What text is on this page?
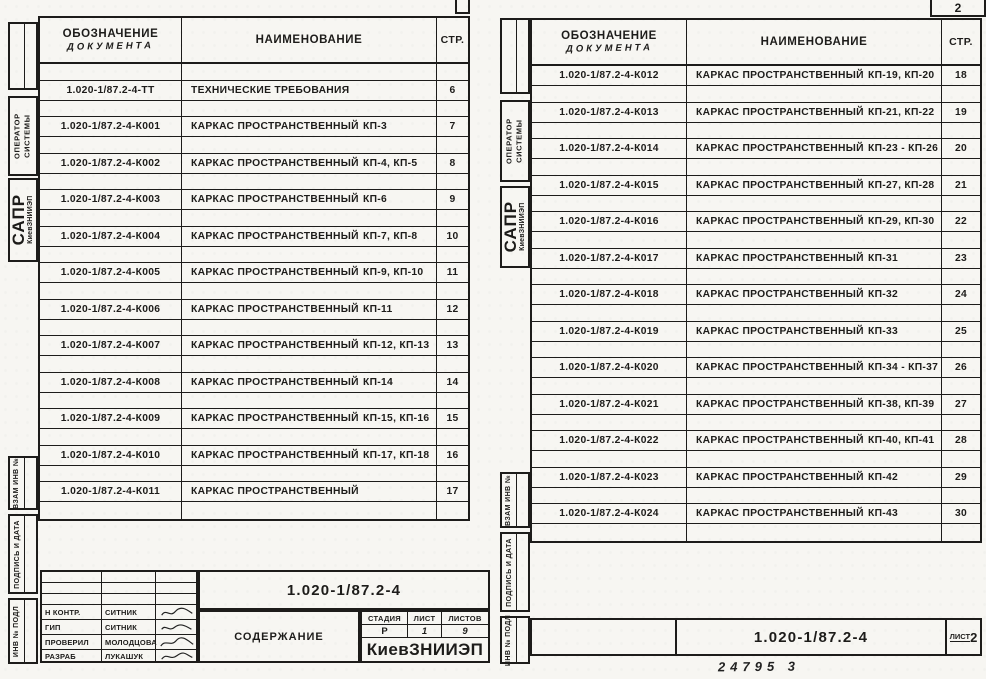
ОПЕРАТОР СИСТЕМЫ
САПР КиевЗНИИЭП
ВЗАМ ИНВ №
ПОДПИСЬ И ДАТА
ИНВ № ПОДЛ
ОБОЗНАЧЕНИЕ
ДОКУМЕНТА
НАИМЕНОВАНИЕ	СТР.
1.020-1/87.2-4-ТТ	ТЕХНИЧЕСКИЕ ТРЕБОВАНИЯ	6
1.020-1/87.2-4-К001	КАРКАС ПРОСТРАНСТВЕННЫЙ КП-3	7
1.020-1/87.2-4-К002	КАРКАС ПРОСТРАНСТВЕННЫЙ КП-4, КП-5	8
1.020-1/87.2-4-К003	КАРКАС ПРОСТРАНСТВЕННЫЙ КП-6	9
1.020-1/87.2-4-К004	КАРКАС ПРОСТРАНСТВЕННЫЙ КП-7, КП-8	10
1.020-1/87.2-4-К005	КАРКАС ПРОСТРАНСТВЕННЫЙ КП-9, КП-10	11
1.020-1/87.2-4-К006	КАРКАС ПРОСТРАНСТВЕННЫЙ КП-11	12
1.020-1/87.2-4-К007	КАРКАС ПРОСТРАНСТВЕННЫЙ КП-12, КП-13	13
1.020-1/87.2-4-К008	КАРКАС ПРОСТРАНСТВЕННЫЙ КП-14	14
1.020-1/87.2-4-К009	КАРКАС ПРОСТРАНСТВЕННЫЙ КП-15, КП-16	15
1.020-1/87.2-4-К010	КАРКАС ПРОСТРАНСТВЕННЫЙ КП-17, КП-18	16
1.020-1/87.2-4-К011	КАРКАС ПРОСТРАНСТВЕННЫЙ	17
Н КОНТР.	СИТНИК
ГИП	СИТНИК
ПРОВЕРИЛ	МОЛОДЦОВА
РАЗРАБ	ЛУКАШУК
1.020-1/87.2-4
СОДЕРЖАНИЕ
СТАДИЯ	ЛИСТ	ЛИСТОВ
Р	1	9
КиевЗНИИЭП
ОПЕРАТОР СИСТЕМЫ
САПР КиевЗНИИЭП
ВЗАМ ИНВ №
ПОДПИСЬ И ДАТА
ИНВ № ПОДЛ
ОБОЗНАЧЕНИЕ
ДОКУМЕНТА
НАИМЕНОВАНИЕ	СТР.
1.020-1/87.2-4-К012	КАРКАС ПРОСТРАНСТВЕННЫЙ КП-19, КП-20	18
1.020-1/87.2-4-К013	КАРКАС ПРОСТРАНСТВЕННЫЙ КП-21, КП-22	19
1.020-1/87.2-4-К014	КАРКАС ПРОСТРАНСТВЕННЫЙ КП-23 - КП-26	20
1.020-1/87.2-4-К015	КАРКАС ПРОСТРАНСТВЕННЫЙ КП-27, КП-28	21
1.020-1/87.2-4-К016	КАРКАС ПРОСТРАНСТВЕННЫЙ КП-29, КП-30	22
1.020-1/87.2-4-К017	КАРКАС ПРОСТРАНСТВЕННЫЙ КП-31	23
1.020-1/87.2-4-К018	КАРКАС ПРОСТРАНСТВЕННЫЙ КП-32	24
1.020-1/87.2-4-К019	КАРКАС ПРОСТРАНСТВЕННЫЙ КП-33	25
1.020-1/87.2-4-К020	КАРКАС ПРОСТРАНСТВЕННЫЙ КП-34 - КП-37	26
1.020-1/87.2-4-К021	КАРКАС ПРОСТРАНСТВЕННЫЙ КП-38, КП-39	27
1.020-1/87.2-4-К022	КАРКАС ПРОСТРАНСТВЕННЫЙ КП-40, КП-41	28
1.020-1/87.2-4-К023	КАРКАС ПРОСТРАНСТВЕННЫЙ КП-42	29
1.020-1/87.2-4-К024	КАРКАС ПРОСТРАНСТВЕННЫЙ КП-43	30
1.020-1/87.2-4	ЛИСТ 2
2
24795 3
